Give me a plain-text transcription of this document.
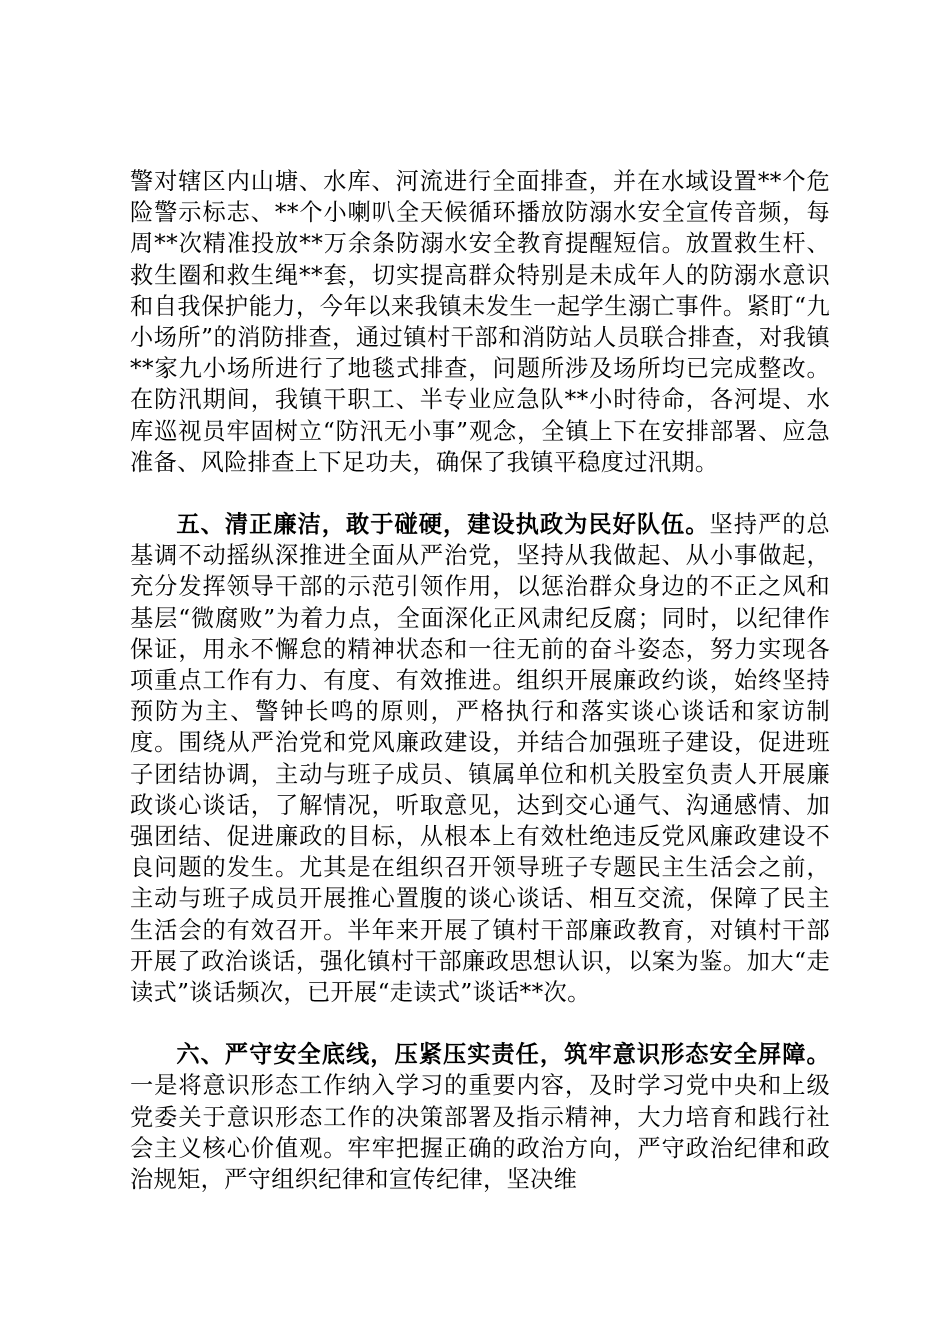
警对辖区内山塘、水库、河流进行全面排查，并在水域设置**个危险警示标志、**个小喇叭全天候循环播放防溺水安全宣传音频，每周**次精准投放**万余条防溺水安全教育提醒短信。放置救生杆、救生圈和救生绳**套，切实提高群众特别是未成年人的防溺水意识和自我保护能力，今年以来我镇未发生一起学生溺亡事件。紧盯“九小场所”的消防排查，通过镇村干部和消防站人员联合排查，对我镇**家九小场所进行了地毯式排查，问题所涉及场所均已完成整改。在防汛期间，我镇干职工、半专业应急队**小时待命，各河堤、水库巡视员牢固树立“防汛无小事”观念，全镇上下在安排部署、应急准备、风险排查上下足功夫，确保了我镇平稳度过汛期。

五、清正廉洁，敢于碰硬，建设执政为民好队伍。坚持严的总基调不动摇纵深推进全面从严治党，坚持从我做起、从小事做起，充分发挥领导干部的示范引领作用，以惩治群众身边的不正之风和基层“微腐败”为着力点，全面深化正风肃纪反腐；同时，以纪律作保证，用永不懈怠的精神状态和一往无前的奋斗姿态，努力实现各项重点工作有力、有度、有效推进。组织开展廉政约谈，始终坚持预防为主、警钟长鸣的原则，严格执行和落实谈心谈话和家访制度。围绕从严治党和党风廉政建设，并结合加强班子建设，促进班子团结协调，主动与班子成员、镇属单位和机关股室负责人开展廉政谈心谈话，了解情况，听取意见，达到交心通气、沟通感情、加强团结、促进廉政的目标，从根本上有效杜绝违反党风廉政建设不良问题的发生。尤其是在组织召开领导班子专题民主生活会之前，主动与班子成员开展推心置腹的谈心谈话、相互交流，保障了民主生活会的有效召开。半年来开展了镇村干部廉政教育，对镇村干部开展了政治谈话，强化镇村干部廉政思想认识，以案为鉴。加大“走读式”谈话频次，已开展“走读式”谈话**次。

六、严守安全底线，压紧压实责任，筑牢意识形态安全屏障。一是将意识形态工作纳入学习的重要内容，及时学习党中央和上级党委关于意识形态工作的决策部署及指示精神，大力培育和践行社会主义核心价值观。牢牢把握正确的政治方向，严守政治纪律和政治规矩，严守组织纪律和宣传纪律，坚决维
